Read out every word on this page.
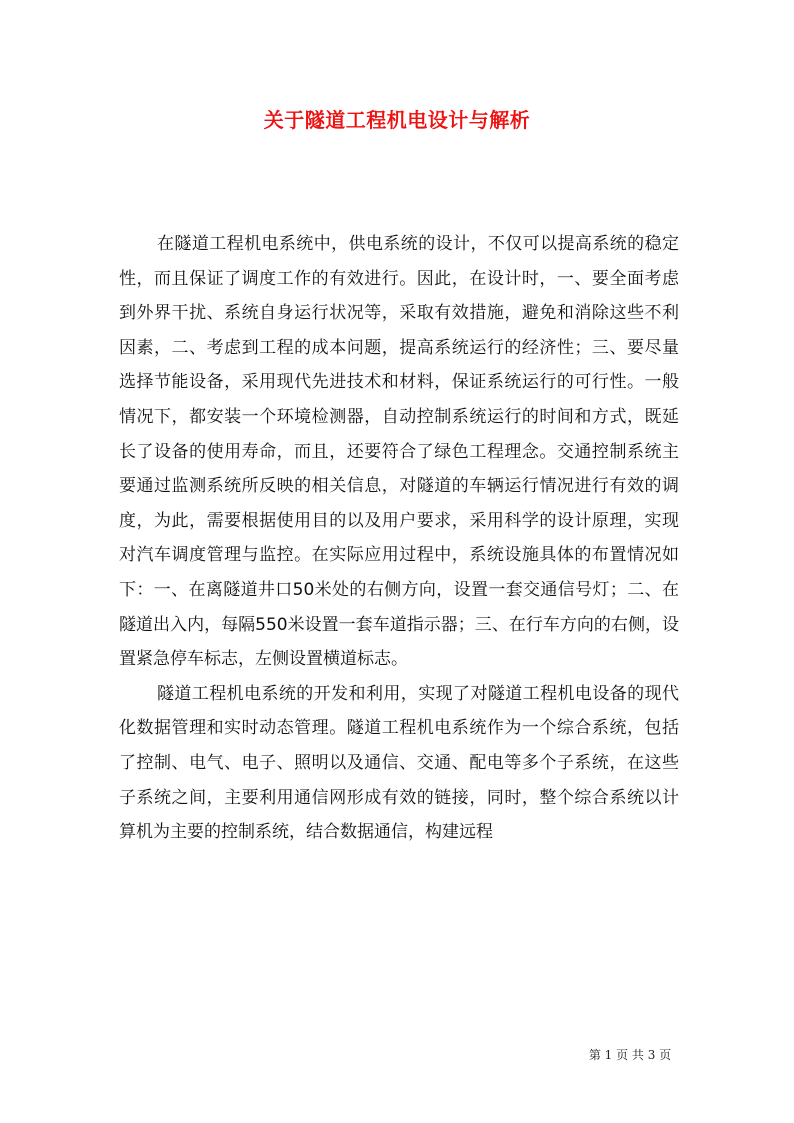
关于隧道工程机电设计与解析

在隧道工程机电系统中，供电系统的设计，不仅可以提高系统的稳定性，而且保证了调度工作的有效进行。因此，在设计时，一、要全面考虑到外界干扰、系统自身运行状况等，采取有效措施，避免和消除这些不利因素，二、考虑到工程的成本问题，提高系统运行的经济性；三、要尽量选择节能设备，采用现代先进技术和材料，保证系统运行的可行性。一般情况下，都安装一个环境检测器，自动控制系统运行的时间和方式，既延长了设备的使用寿命，而且，还要符合了绿色工程理念。交通控制系统主要通过监测系统所反映的相关信息，对隧道的车辆运行情况进行有效的调度，为此，需要根据使用目的以及用户要求，采用科学的设计原理，实现对汽车调度管理与监控。在实际应用过程中，系统设施具体的布置情况如下：一、在离隧道井口50米处的右侧方向，设置一套交通信号灯；二、在隧道出入内，每隔550米设置一套车道指示器；三、在行车方向的右侧，设置紧急停车标志，左侧设置横道标志。

隧道工程机电系统的开发和利用，实现了对隧道工程机电设备的现代化数据管理和实时动态管理。隧道工程机电系统作为一个综合系统，包括了控制、电气、电子、照明以及通信、交通、配电等多个子系统，在这些子系统之间，主要利用通信网形成有效的链接，同时，整个综合系统以计算机为主要的控制系统，结合数据通信，构建远程

第 1 页 共 3 页
